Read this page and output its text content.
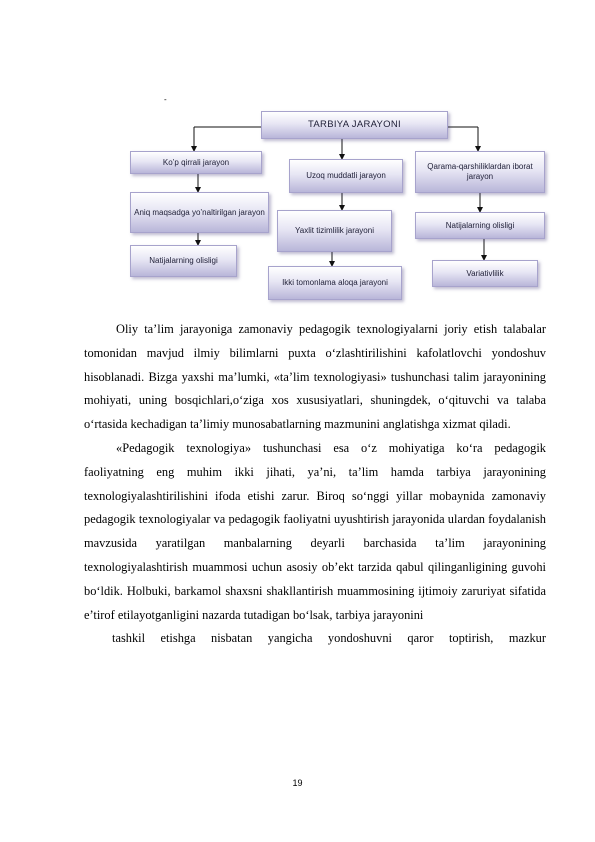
-
TARBIYA JARAYONI
Ko’p qirrali jarayon
Aniq maqsadga yo’naltirilgan jarayon
Natijalarning olisligi
Uzoq muddatli jarayon
Yaxlit tizimlilik jarayoni
Ikki tomonlama aloqa jarayoni
Qarama-qarshiliklardan iborat jarayon
Natijalarning olisligi
Variativlilik

Oliy ta’lim jarayoniga zamonaviy pedagogik texnologiyalarni joriy etish talabalar tomonidan mavjud ilmiy bilimlarni puxta o‘zlashtirilishini kafolatlovchi yondoshuv hisoblanadi. Bizga yaxshi ma’lumki, «ta’lim texnologiyasi» tushunchasi talim jarayonining mohiyati, uning bosqichlari,o‘ziga xos xususiyatlari, shuningdek, o‘qituvchi va talaba o‘rtasida kechadigan ta’limiy munosabatlarning mazmunini anglatishga xizmat qiladi.

«Pedagogik texnologiya» tushunchasi esa o‘z mohiyatiga ko‘ra pedagogik faoliyatning eng muhim ikki jihati, ya’ni, ta’lim hamda tarbiya jarayonining texnologiyalashtirilishini ifoda etishi zarur. Biroq so‘nggi yillar mobaynida zamonaviy pedagogik texnologiyalar va pedagogik faoliyatni uyushtirish jarayonida ulardan foydalanish mavzusida yaratilgan manbalarning deyarli barchasida ta’lim jarayonining texnologiyalashtirish muammosi uchun asosiy ob’ekt tarzida qabul qilinganligining guvohi bo‘ldik. Holbuki, barkamol shaxsni shakllantirish muammosining ijtimoiy zaruriyat sifatida e’tirof etilayotganligini nazarda tutadigan bo‘lsak, tarbiya jarayonini

tashkil etishga nisbatan yangicha yondoshuvni qaror toptirish, mazkur

19
